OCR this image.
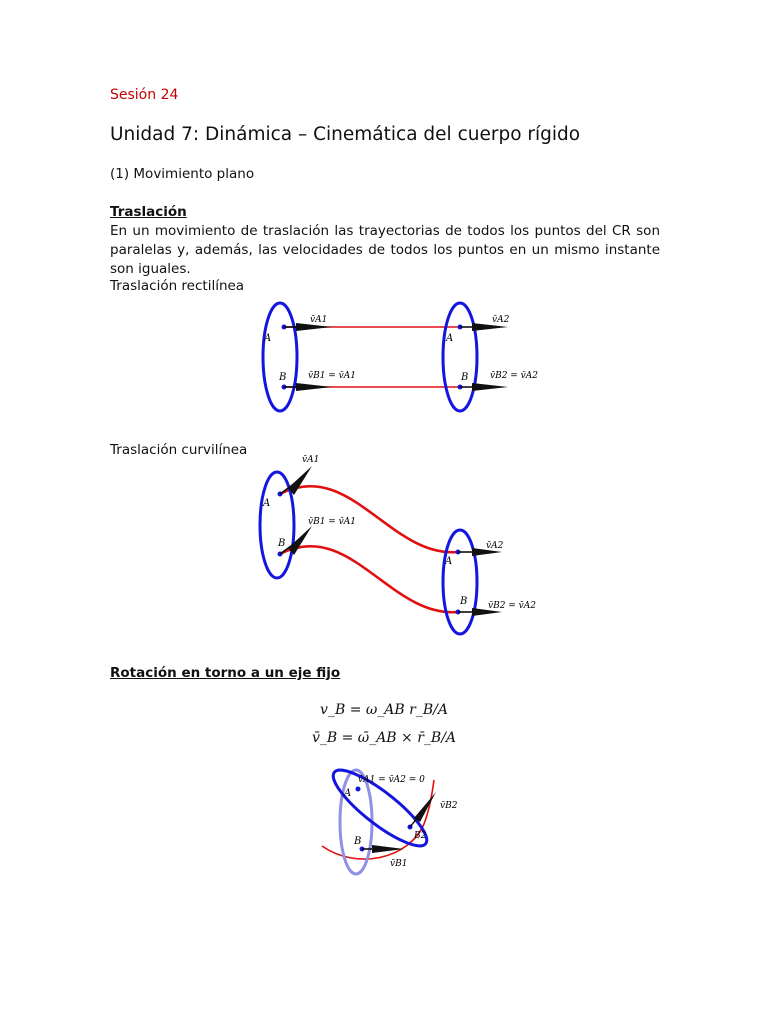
Sesión 24
Unidad 7: Dinámica – Cinemática del cuerpo rígido
(1) Movimiento plano
Traslación
En un movimiento de traslación las trayectorias de todos los puntos del CR son paralelas y, además, las velocidades de todos los puntos en un mismo instante son iguales.
Traslación rectilínea
A
B
A
B
v̄A1
v̄B1 = v̄A1
v̄A2
v̄B2 = v̄A2
Traslación curvilínea
A
B
A
B
v̄A1
v̄B1 = v̄A1
v̄A2
v̄B2 = v̄A2
Rotación en torno a un eje fijo
v_B = ω_AB r_B/A
v̄_B = ω̄_AB × r̄_B/A
v̄A1 = v̄A2 = 0
A
B	B2
v̄B2
v̄B1
